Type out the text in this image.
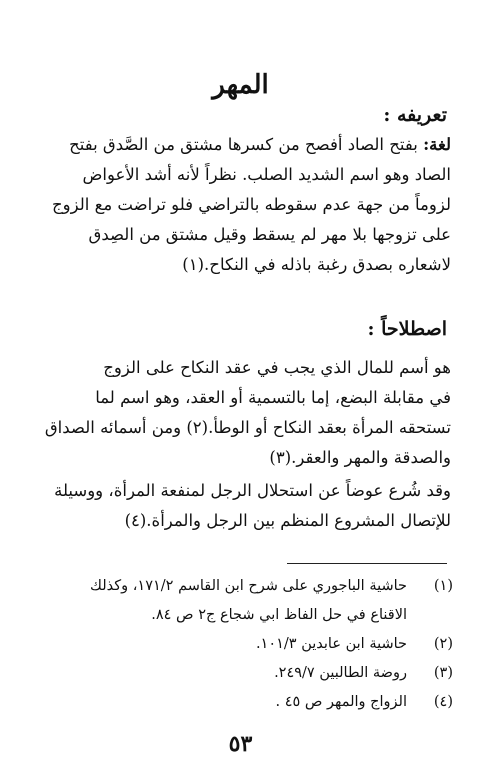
المهر
تعريفه :
لغة: بفتح الصاد أفصح من كسرها مشتق من الصَّدق بفتح
الصاد وهو اسم الشديد الصلب. نظراً لأنه أشد الأعواض
لزوماً من جهة عدم سقوطه بالتراضي فلو تراضت مع الزوج
على تزوجها بلا مهر لم يسقط وقيل مشتق من الصِدق
لاشعاره بصدق رغبة باذله في النكاح.(١)
اصطلاحاً :
هو أسم للمال الذي يجب في عقد النكاح على الزوج
في مقابلة البضع، إما بالتسمية أو العقد، وهو اسم لما
تستحقه المرأة بعقد النكاح أو الوطأ.(٢) ومن أسمائه الصداق
والصدقة والمهر والعقر.(٣)
وقد شُرع عوضاً عن استحلال الرجل لمنفعة المرأة، ووسيلة
للإتصال المشروع المنظم بين الرجل والمرأة.(٤)
(١)
حاشية الباجوري على شرح ابن القاسم ١٧١/٢، وكذلك
الاقناع في حل الفاظ ابي شجاع ج٢ ص ٨٤.
(٢)
حاشية ابن عابدين ١٠١/٣.
(٣)
روضة الطالبين ٢٤٩/٧.
(٤)
الزواج والمهر ص ٤٥ .
٥٣
